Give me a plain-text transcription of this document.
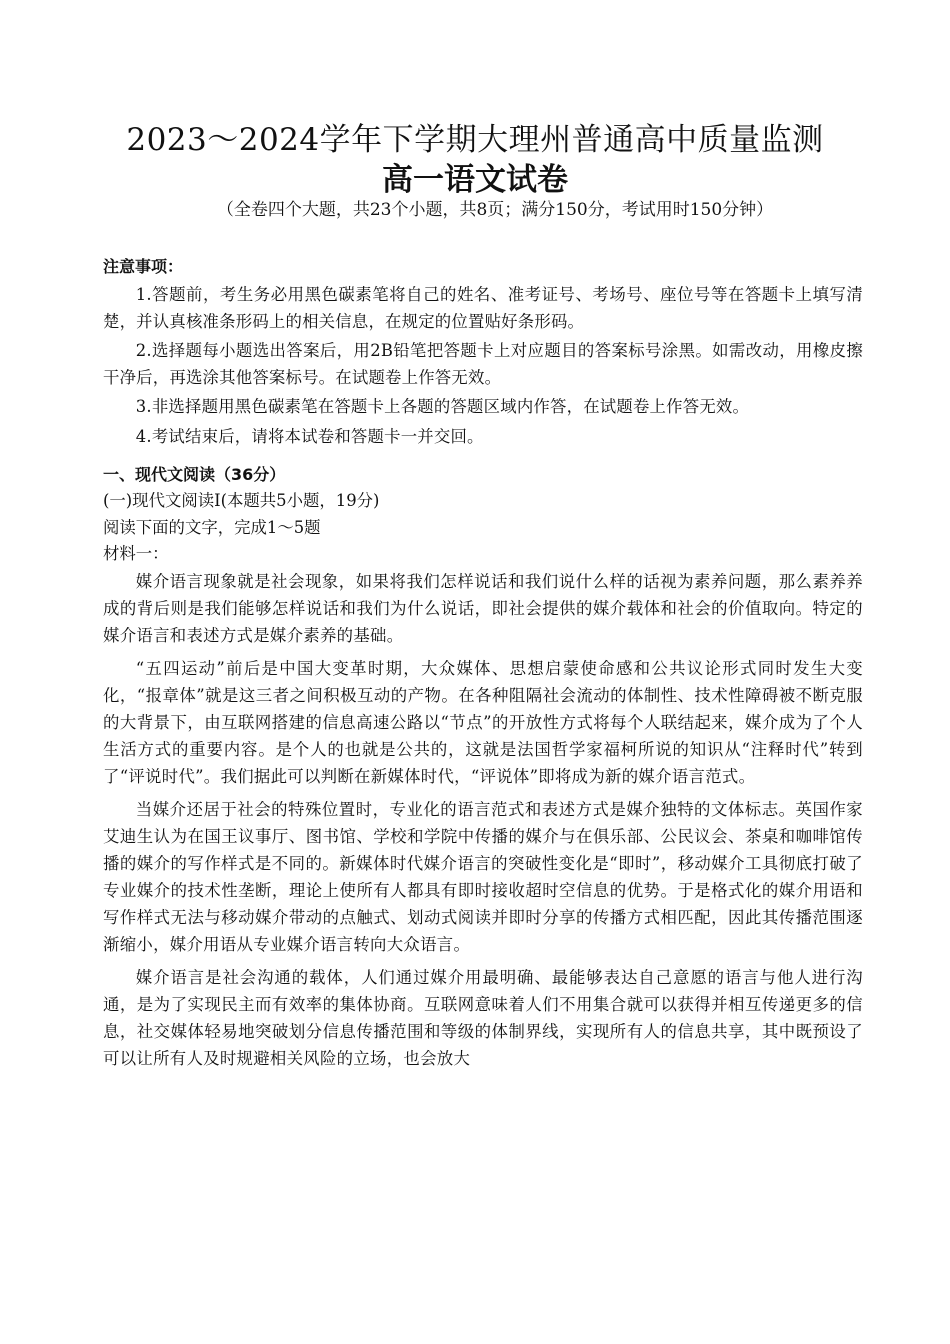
2023～2024学年下学期大理州普通高中质量监测
高一语文试卷
（全卷四个大题，共23个小题，共8页；满分150分，考试用时150分钟）

注意事项：

1.答题前，考生务必用黑色碳素笔将自己的姓名、准考证号、考场号、座位号等在答题卡上填写清楚，并认真核准条形码上的相关信息，在规定的位置贴好条形码。

2.选择题每小题选出答案后，用2B铅笔把答题卡上对应题目的答案标号涂黑。如需改动，用橡皮擦干净后，再选涂其他答案标号。在试题卷上作答无效。

3.非选择题用黑色碳素笔在答题卡上各题的答题区域内作答，在试题卷上作答无效。

4.考试结束后，请将本试卷和答题卡一并交回。

一、现代文阅读（36分）

(一)现代文阅读Ⅰ(本题共5小题，19分)

阅读下面的文字，完成1～5题

材料一：

媒介语言现象就是社会现象，如果将我们怎样说话和我们说什么样的话视为素养问题，那么素养养成的背后则是我们能够怎样说话和我们为什么说话，即社会提供的媒介载体和社会的价值取向。特定的媒介语言和表述方式是媒介素养的基础。

“五四运动”前后是中国大变革时期，大众媒体、思想启蒙使命感和公共议论形式同时发生大变化，“报章体”就是这三者之间积极互动的产物。在各种阻隔社会流动的体制性、技术性障碍被不断克服的大背景下，由互联网搭建的信息高速公路以“节点”的开放性方式将每个人联结起来，媒介成为了个人生活方式的重要内容。是个人的也就是公共的，这就是法国哲学家福柯所说的知识从“注释时代”转到了“评说时代”。我们据此可以判断在新媒体时代，“评说体”即将成为新的媒介语言范式。

当媒介还居于社会的特殊位置时，专业化的语言范式和表述方式是媒介独特的文体标志。英国作家艾迪生认为在国王议事厅、图书馆、学校和学院中传播的媒介与在俱乐部、公民议会、茶桌和咖啡馆传播的媒介的写作样式是不同的。新媒体时代媒介语言的突破性变化是“即时”，移动媒介工具彻底打破了专业媒介的技术性垄断，理论上使所有人都具有即时接收超时空信息的优势。于是格式化的媒介用语和写作样式无法与移动媒介带动的点触式、划动式阅读并即时分享的传播方式相匹配，因此其传播范围逐渐缩小，媒介用语从专业媒介语言转向大众语言。

媒介语言是社会沟通的载体，人们通过媒介用最明确、最能够表达自己意愿的语言与他人进行沟通，是为了实现民主而有效率的集体协商。互联网意味着人们不用集合就可以获得并相互传递更多的信息，社交媒体轻易地突破划分信息传播范围和等级的体制界线，实现所有人的信息共享，其中既预设了可以让所有人及时规避相关风险的立场，也会放大
